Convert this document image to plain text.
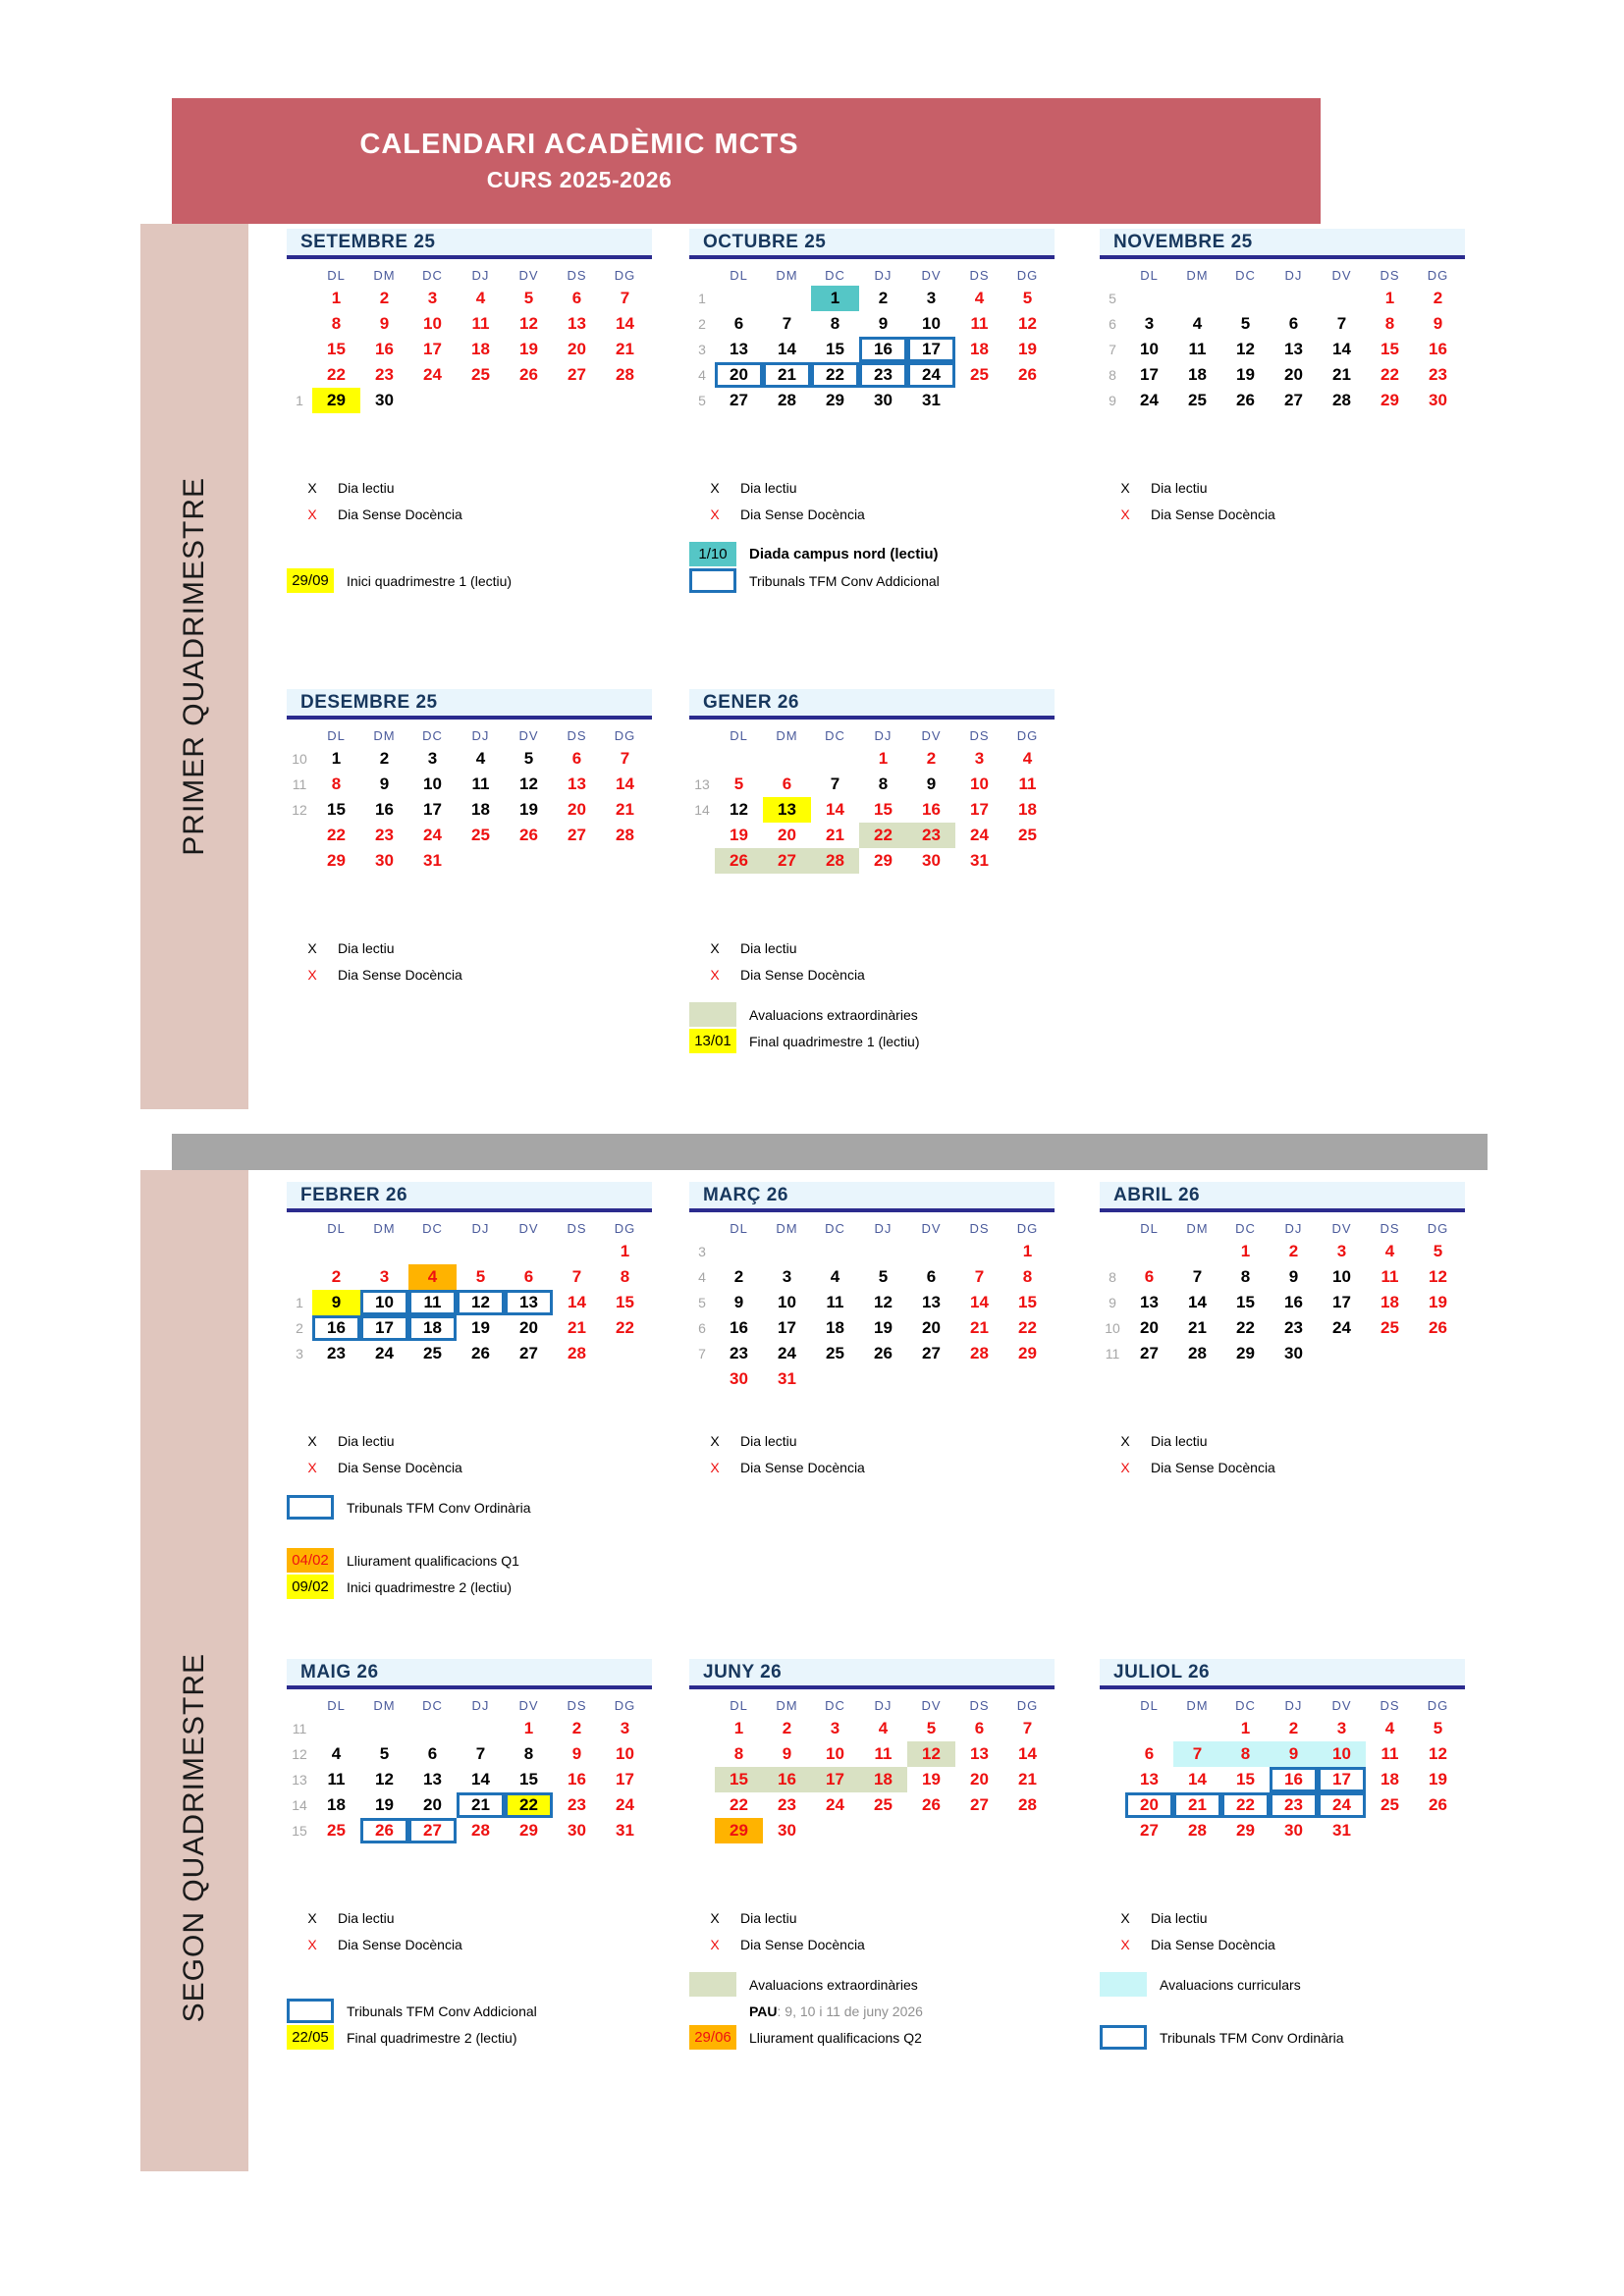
CALENDARI ACADÈMIC MCTS
CURS 2025-2026
PRIMER QUADRIMESTRE
SEGON QUADRIMESTRE
SETEMBRE 25
	DL	DM	DC	DJ	DV	DS	DG
	1	2	3	4	5	6	7
	8	9	10	11	12	13	14
	15	16	17	18	19	20	21
	22	23	24	25	26	27	28
1	29	30					
X	Dia lectiu
X	Dia Sense Docència
29/09	Inici quadrimestre 1 (lectiu)
OCTUBRE 25
	DL	DM	DC	DJ	DV	DS	DG
1			1	2	3	4	5
2	6	7	8	9	10	11	12
3	13	14	15	16	17	18	19
4	20	21	22	23	24	25	26
5	27	28	29	30	31		
X	Dia lectiu
X	Dia Sense Docència
1/10	Diada campus nord (lectiu)
Tribunals TFM Conv Addicional
NOVEMBRE 25
	DL	DM	DC	DJ	DV	DS	DG
5						1	2
6	3	4	5	6	7	8	9
7	10	11	12	13	14	15	16
8	17	18	19	20	21	22	23
9	24	25	26	27	28	29	30
X	Dia lectiu
X	Dia Sense Docència
DESEMBRE 25
	DL	DM	DC	DJ	DV	DS	DG
10	1	2	3	4	5	6	7
11	8	9	10	11	12	13	14
12	15	16	17	18	19	20	21
	22	23	24	25	26	27	28
	29	30	31				
X	Dia lectiu
X	Dia Sense Docència
GENER 26
	DL	DM	DC	DJ	DV	DS	DG
				1	2	3	4
13	5	6	7	8	9	10	11
14	12	13	14	15	16	17	18
	19	20	21	22	23	24	25
	26	27	28	29	30	31	
X	Dia lectiu
X	Dia Sense Docència
Avaluacions extraordinàries
13/01	Final quadrimestre 1 (lectiu)
FEBRER 26
	DL	DM	DC	DJ	DV	DS	DG
							1
	2	3	4	5	6	7	8
1	9	10	11	12	13	14	15
2	16	17	18	19	20	21	22
3	23	24	25	26	27	28	
X	Dia lectiu
X	Dia Sense Docència
Tribunals TFM Conv Ordinària
04/02	Lliurament qualificacions Q1
09/02	Inici quadrimestre 2 (lectiu)
MARÇ 26
	DL	DM	DC	DJ	DV	DS	DG
3							1
4	2	3	4	5	6	7	8
5	9	10	11	12	13	14	15
6	16	17	18	19	20	21	22
7	23	24	25	26	27	28	29
	30	31					
X	Dia lectiu
X	Dia Sense Docència
ABRIL 26
	DL	DM	DC	DJ	DV	DS	DG
			1	2	3	4	5
8	6	7	8	9	10	11	12
9	13	14	15	16	17	18	19
10	20	21	22	23	24	25	26
11	27	28	29	30			
X	Dia lectiu
X	Dia Sense Docència
MAIG 26
	DL	DM	DC	DJ	DV	DS	DG
11					1	2	3
12	4	5	6	7	8	9	10
13	11	12	13	14	15	16	17
14	18	19	20	21	22	23	24
15	25	26	27	28	29	30	31
X	Dia lectiu
X	Dia Sense Docència
Tribunals TFM Conv Addicional
22/05	Final quadrimestre 2 (lectiu)
JUNY 26
	DL	DM	DC	DJ	DV	DS	DG
	1	2	3	4	5	6	7
	8	9	10	11	12	13	14
	15	16	17	18	19	20	21
	22	23	24	25	26	27	28
	29	30					
X	Dia lectiu
X	Dia Sense Docència
Avaluacions extraordinàries
PAU: 9, 10 i 11 de juny 2026
29/06	Lliurament qualificacions Q2
JULIOL 26
	DL	DM	DC	DJ	DV	DS	DG
			1	2	3	4	5
	6	7	8	9	10	11	12
	13	14	15	16	17	18	19
	20	21	22	23	24	25	26
	27	28	29	30	31		
X	Dia lectiu
X	Dia Sense Docència
Avaluacions curriculars
Tribunals TFM Conv Ordinària
